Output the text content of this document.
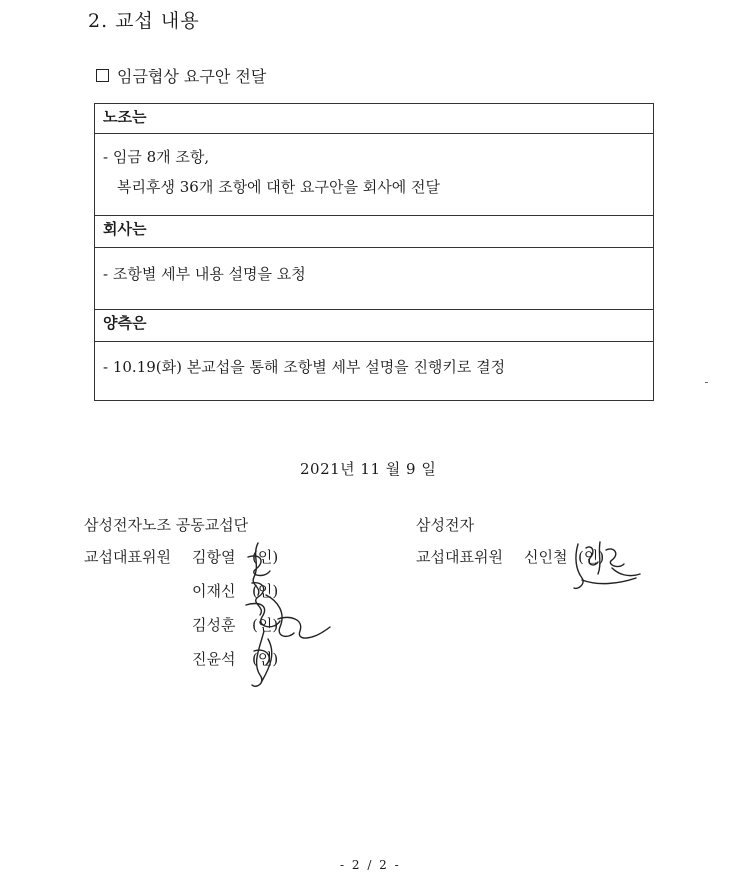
2. 교섭 내용
임금협상 요구안 전달
노조는
- 임금 8개 조항,
복리후생 36개 조항에 대한 요구안을 회사에 전달
회사는
- 조항별 세부 내용 설명을 요청
양측은
- 10.19(화) 본교섭을 통해 조항별 세부 설명을 진행키로 결정
2021년 11 월 9 일
삼성전자노조 공동교섭단
교섭대표위원 김항열 (인)
이재신 (인)
김성훈 (인)
진윤석 (인)
삼성전자
교섭대표위원 신인철 (인)
- 2 / 2 -
